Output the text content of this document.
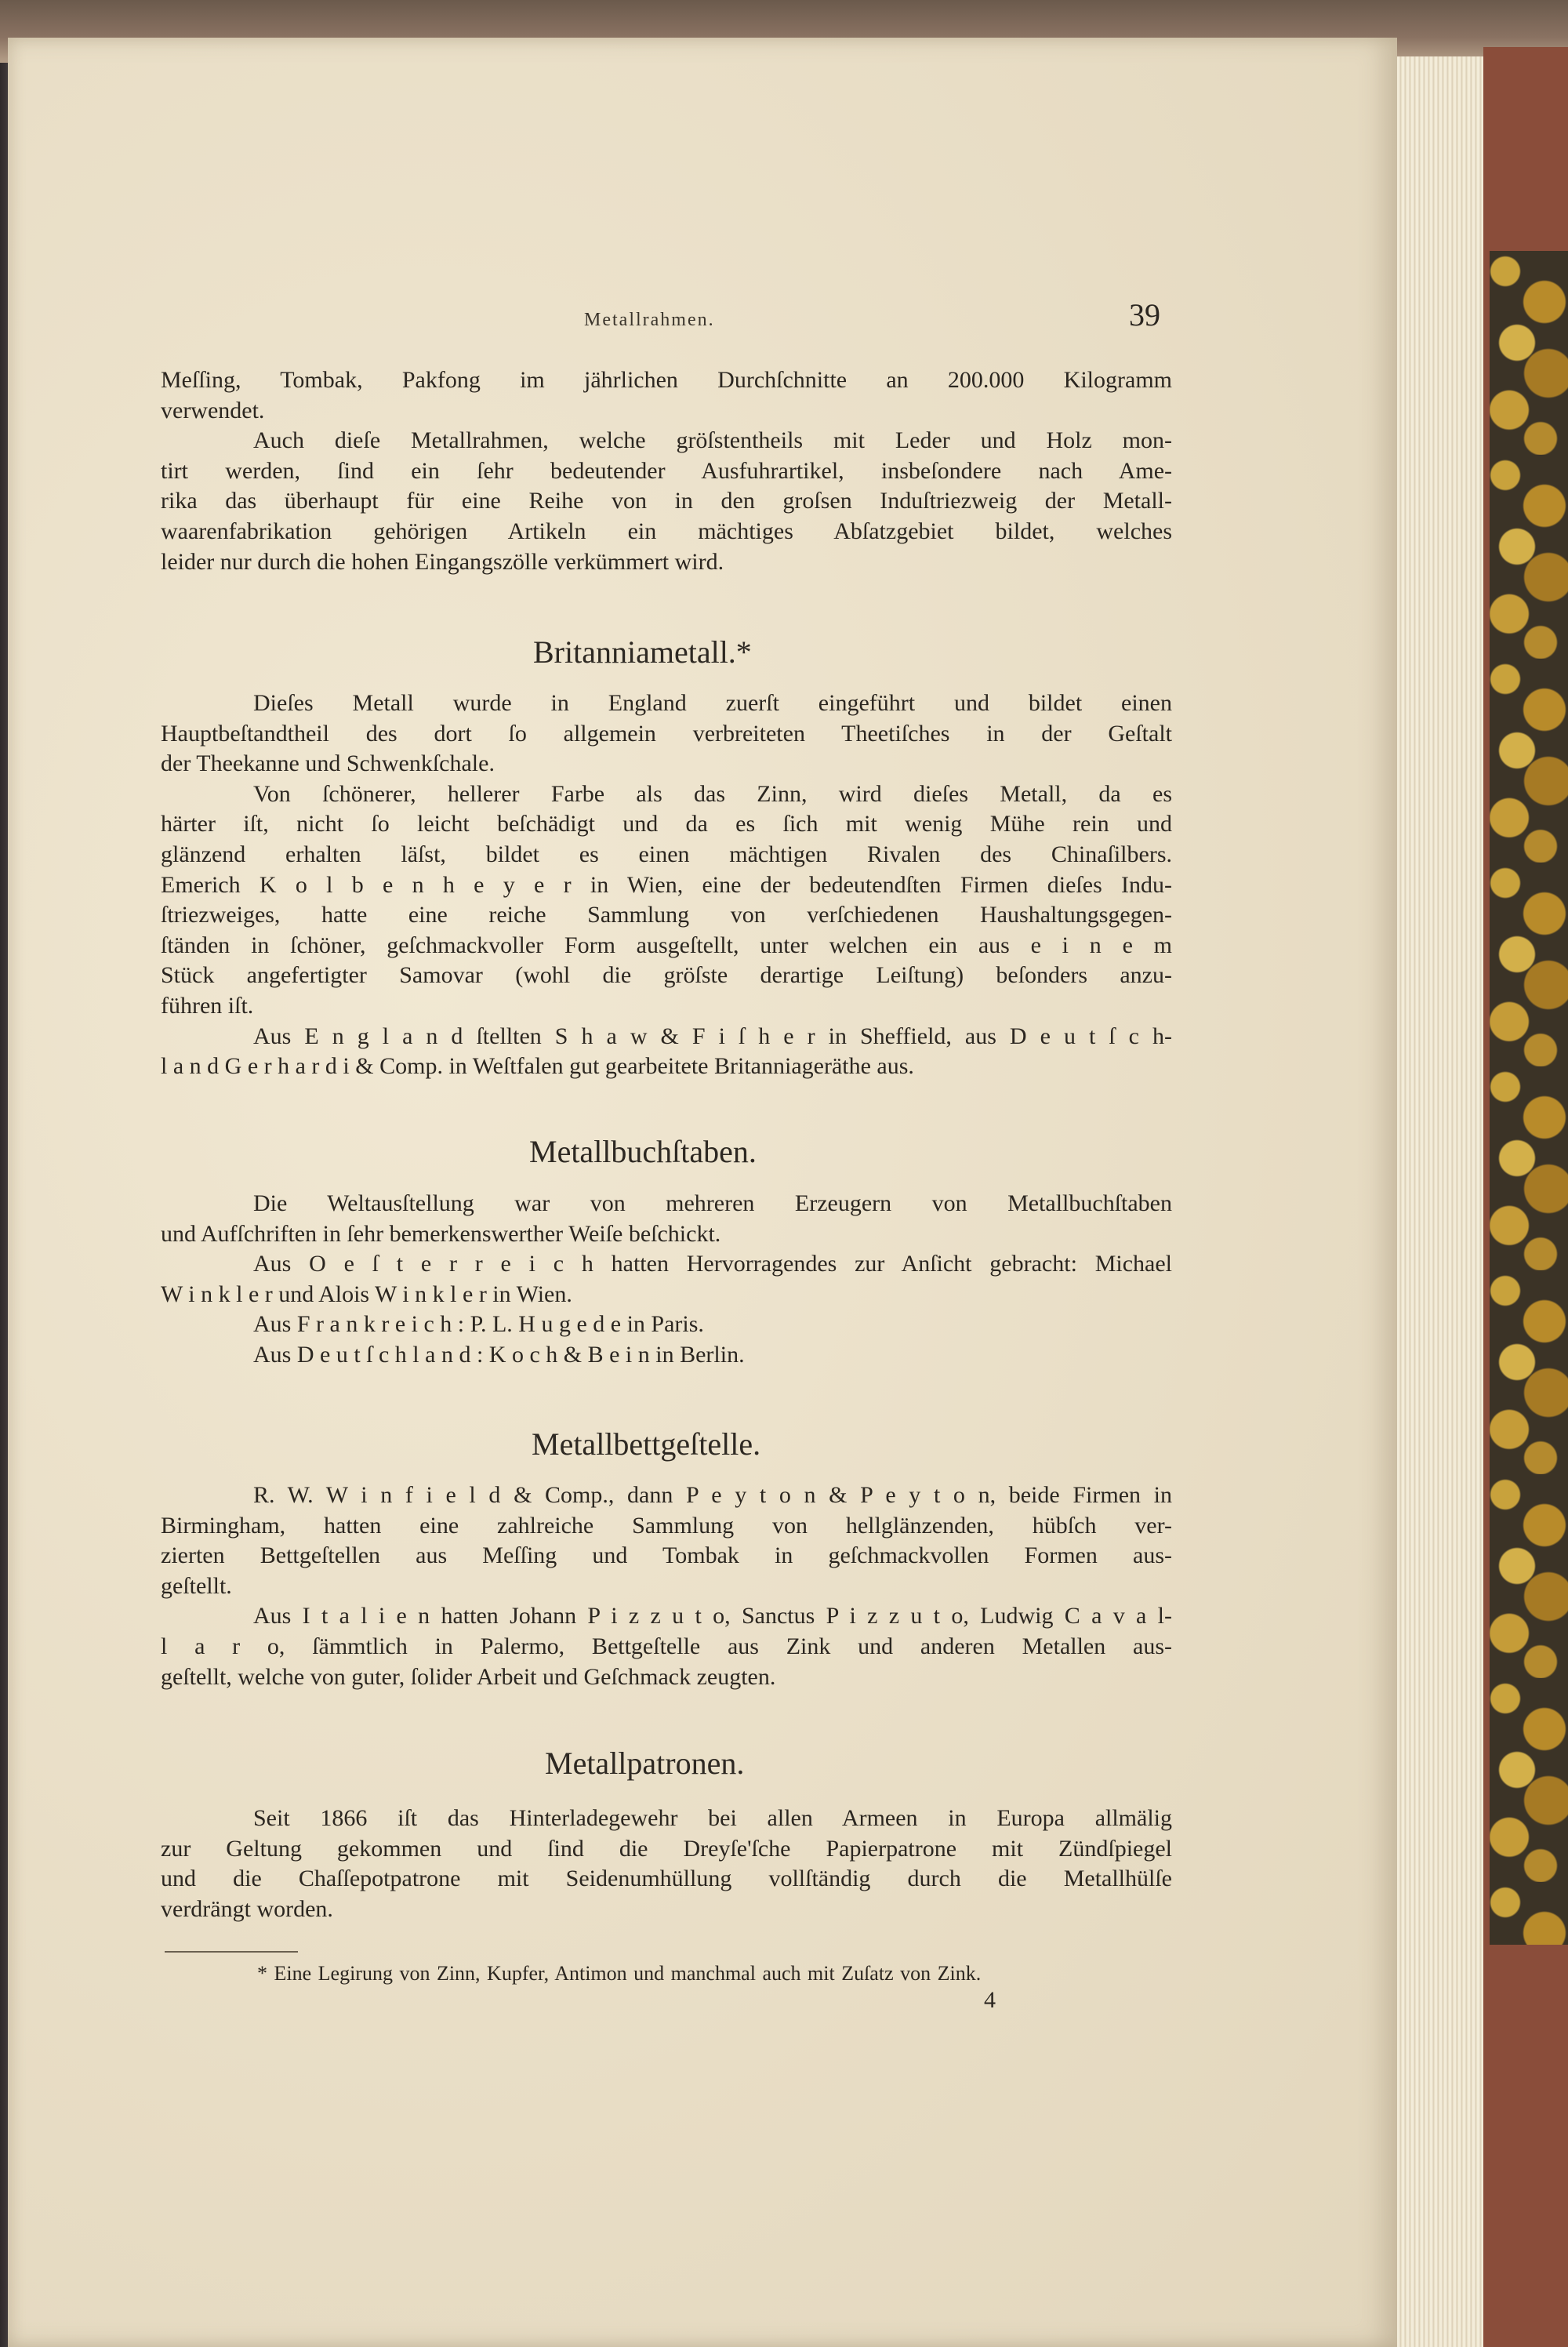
Metallrahmen.	39
Meſſing, Tombak, Pakfong im jährlichen Durchſchnitte an 200.000 Kilogramm
verwendet.
Auch dieſe Metallrahmen, welche gröſstentheils mit Leder und Holz mon-
tirt werden, ſind ein ſehr bedeutender Ausfuhrartikel, insbeſondere nach Ame-
rika das überhaupt für eine Reihe von in den groſsen Induſtriezweig der Metall-
waarenfabrikation gehörigen Artikeln ein mächtiges Abſatzgebiet bildet, welches
leider nur durch die hohen Eingangszölle verkümmert wird.
Britanniametall.*
Dieſes Metall wurde in England zuerſt eingeführt und bildet einen
Hauptbeſtandtheil des dort ſo allgemein verbreiteten Theetiſches in der Geſtalt
der Theekanne und Schwenkſchale.
Von ſchönerer, hellerer Farbe als das Zinn, wird dieſes Metall, da es
härter iſt, nicht ſo leicht beſchädigt und da es ſich mit wenig Mühe rein und
glänzend erhalten läſst, bildet es einen mächtigen Rivalen des Chinaſilbers.
Emerich K o l b e n h e y e r in Wien, eine der bedeutendſten Firmen dieſes Indu-
ſtriezweiges, hatte eine reiche Sammlung von verſchiedenen Haushaltungsgegen-
ſtänden in ſchöner, geſchmackvoller Form ausgeſtellt, unter welchen ein aus e i n e m
Stück angefertigter Samovar (wohl die gröſste derartige Leiſtung) beſonders anzu-
führen iſt.
Aus E n g l a n d ſtellten S h a w & F i ſ h e r in Sheffield, aus D e u t ſ c h-
l a n d G e r h a r d i & Comp. in Weſtfalen gut gearbeitete Britanniageräthe aus.
Metallbuchſtaben.
Die Weltausſtellung war von mehreren Erzeugern von Metallbuchſtaben
und Aufſchriften in ſehr bemerkenswerther Weiſe beſchickt.
Aus O e ſ t e r r e i c h hatten Hervorragendes zur Anſicht gebracht: Michael
W i n k l e r und Alois W i n k l e r in Wien.
Aus F r a n k r e i c h : P. L. H u g e d e in Paris.
Aus D e u t ſ c h l a n d : K o c h & B e i n in Berlin.
Metallbettgeſtelle.
R. W. W i n f i e l d & Comp., dann P e y t o n & P e y t o n, beide Firmen in
Birmingham, hatten eine zahlreiche Sammlung von hellglänzenden, hübſch ver-
zierten Bettgeſtellen aus Meſſing und Tombak in geſchmackvollen Formen aus-
geſtellt.
Aus I t a l i e n hatten Johann P i z z u t o, Sanctus P i z z u t o, Ludwig C a v a l-
l a r o, ſämmtlich in Palermo, Bettgeſtelle aus Zink und anderen Metallen aus-
geſtellt, welche von guter, ſolider Arbeit und Geſchmack zeugten.
Metallpatronen.
Seit 1866 iſt das Hinterladegewehr bei allen Armeen in Europa allmälig
zur Geltung gekommen und ſind die Dreyſe'ſche Papierpatrone mit Zündſpiegel
und die Chaſſepotpatrone mit Seidenumhüllung vollſtändig durch die Metallhülſe
verdrängt worden.
* Eine Legirung von Zinn, Kupfer, Antimon und manchmal auch mit Zuſatz von Zink.
4
